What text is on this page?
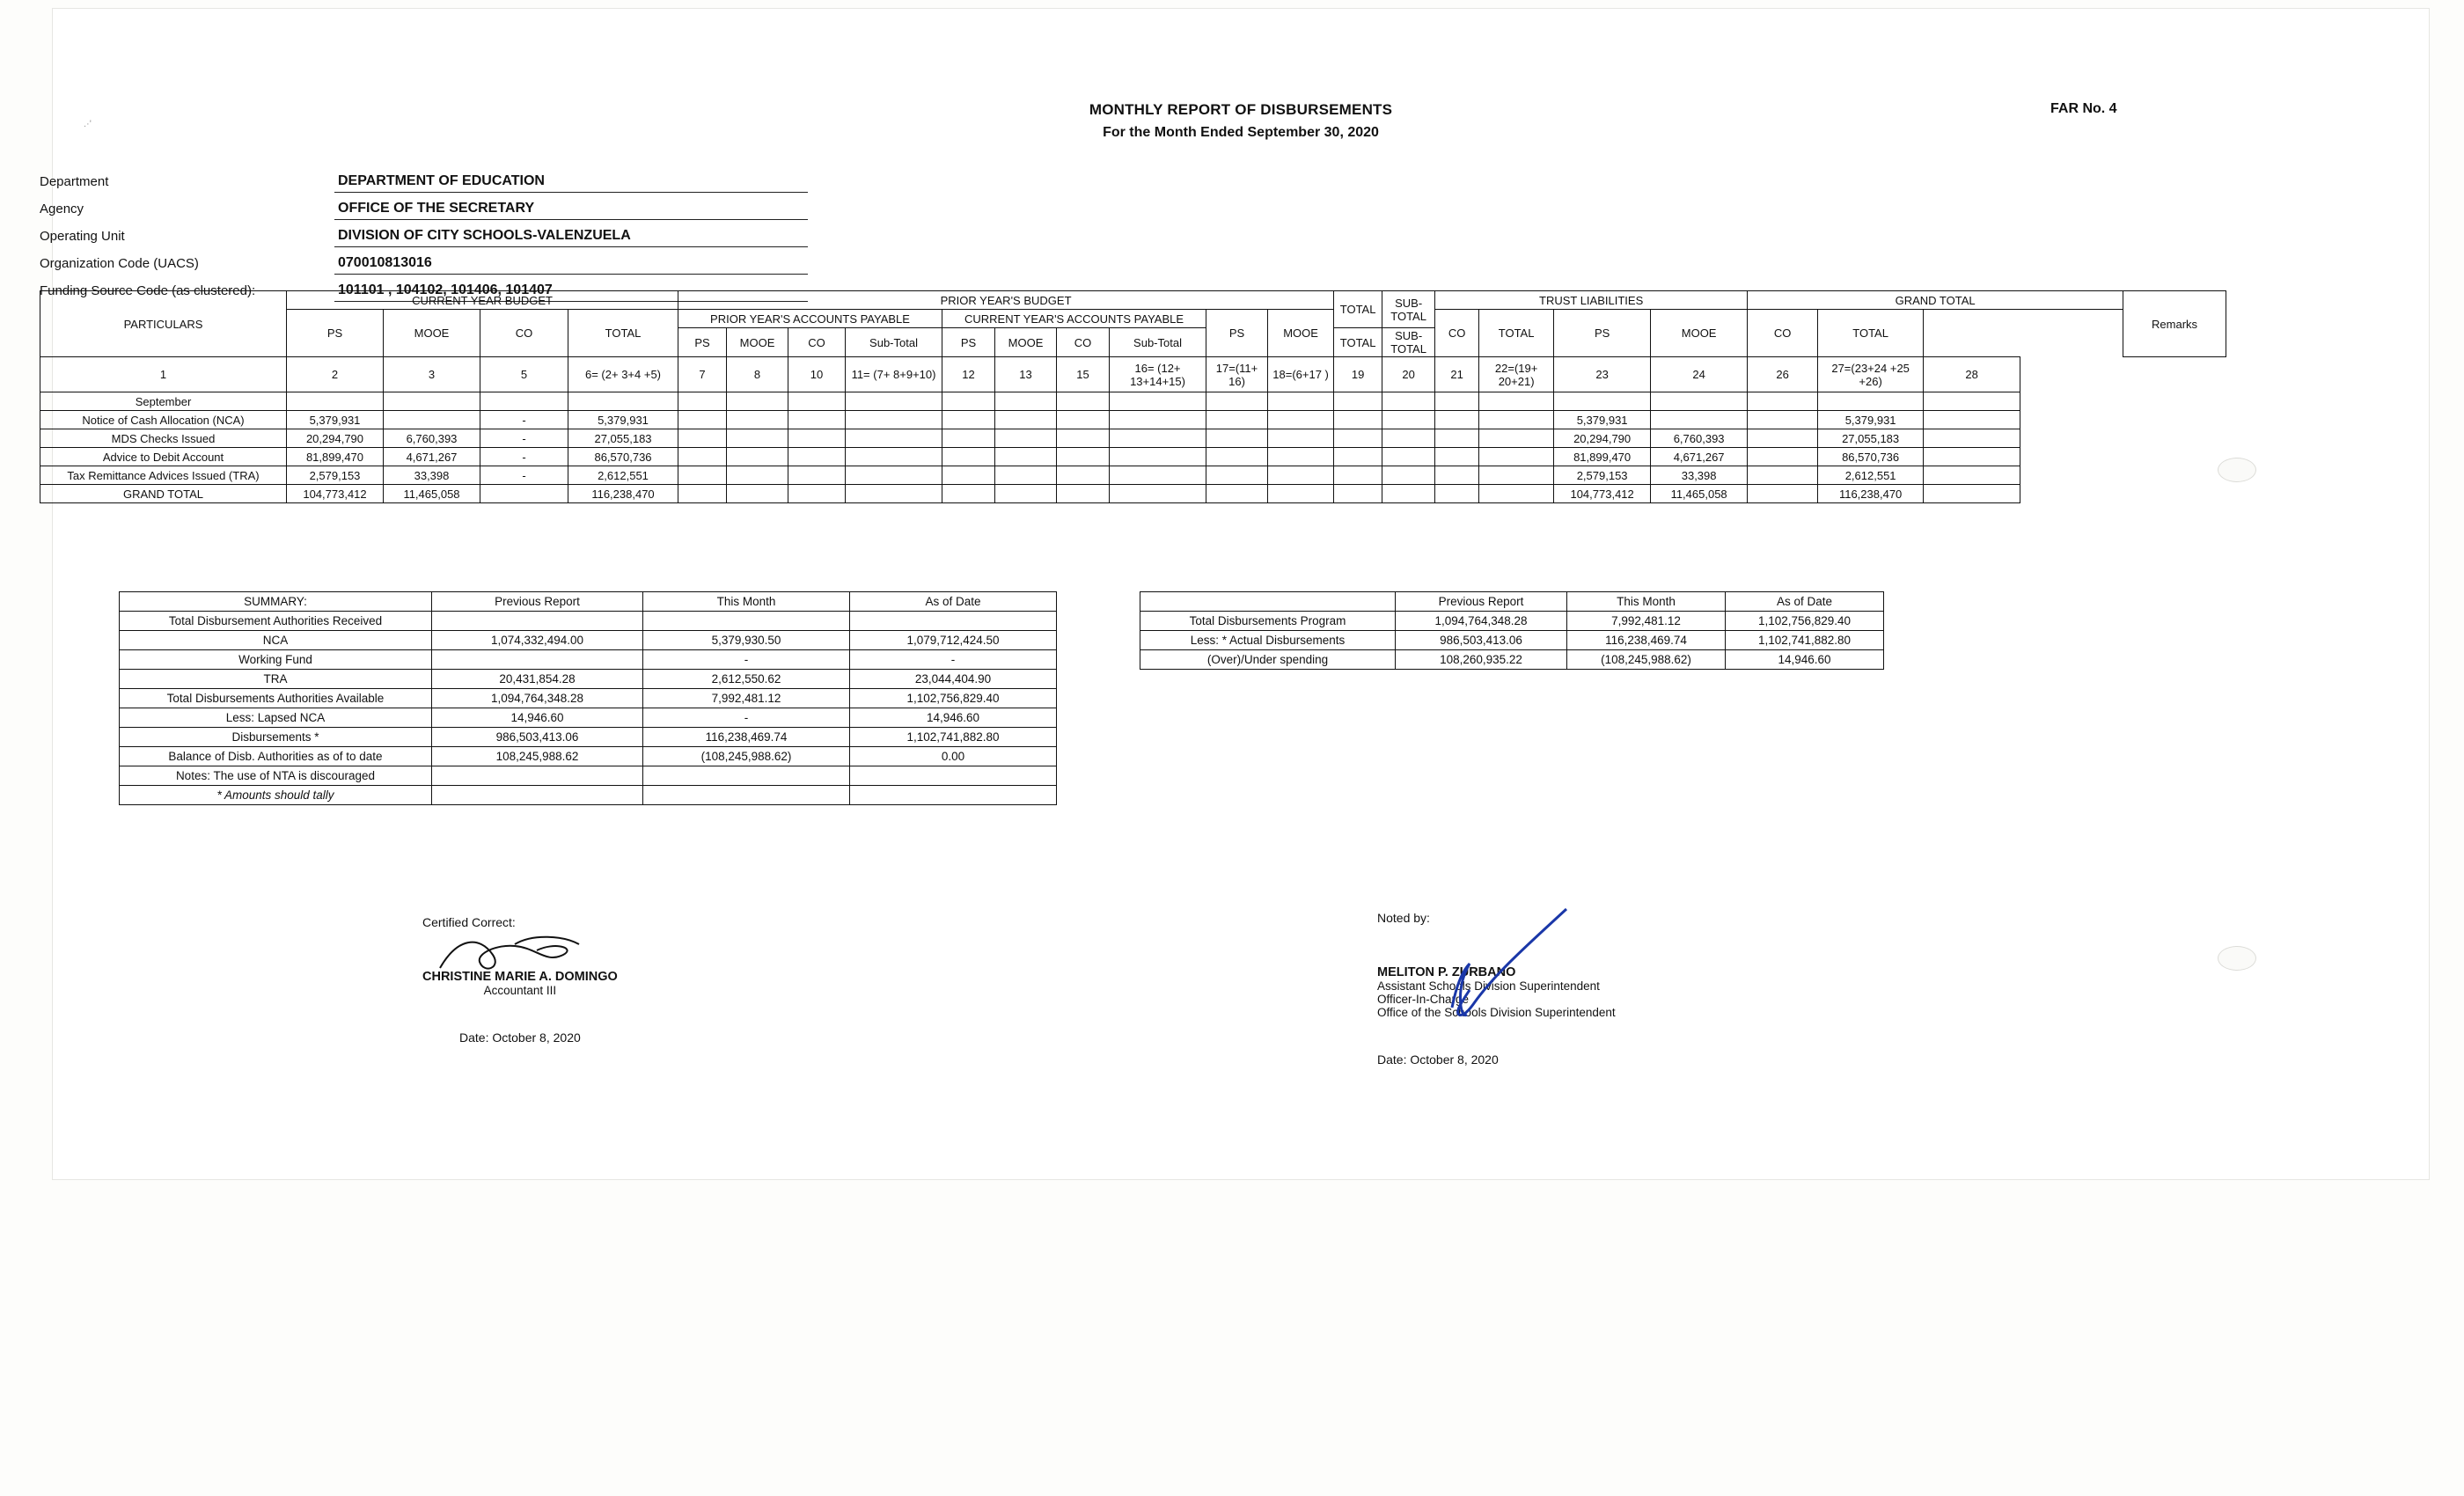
.·'
MONTHLY REPORT OF DISBURSEMENTS
For the Month Ended September 30, 2020
FAR No. 4
Department	DEPARTMENT OF EDUCATION
Agency	OFFICE OF THE SECRETARY
Operating Unit	DIVISION OF CITY SCHOOLS-VALENZUELA
Organization Code (UACS)	070010813016
Funding Source Code (as clustered):	101101 , 104102, 101406, 101407
PARTICULARS	CURRENT YEAR BUDGET				PRIOR YEAR'S BUDGET										TOTAL	SUB-TOTAL	TRUST LIABILITIES				GRAND TOTAL			Remarks
	PS	MOOE	CO	TOTAL	PRIOR YEAR'S ACCOUNTS PAYABLE				CURRENT YEAR'S ACCOUNTS PAYABLE				PS	MOOE			CO	TOTAL	PS	MOOE	CO	TOTAL		
					PS	MOOE	CO	Sub-Total	PS	MOOE	CO	Sub-Total			TOTAL	SUB-TOTAL								
1	2	3	5	6= (2+ 3+4 +5)	7	8	10	11= (7+ 8+9+10)	12	13	15	16= (12+ 13+14+15)	17=(11+ 16)	18=(6+17 )	19	20	21	22=(19+ 20+21)	23	24	26	27=(23+24 +25 +26)	28	
September																								
Notice of Cash Allocation (NCA)	5,379,931		-	5,379,931															5,379,931			5,379,931		
MDS Checks Issued	20,294,790	6,760,393	-	27,055,183															20,294,790	6,760,393		27,055,183		
Advice to Debit Account	81,899,470	4,671,267	-	86,570,736															81,899,470	4,671,267		86,570,736		
Tax Remittance Advices Issued (TRA)	2,579,153	33,398	-	2,612,551															2,579,153	33,398		2,612,551		
GRAND TOTAL	104,773,412	11,465,058		116,238,470															104,773,412	11,465,058		116,238,470		
SUMMARY:	Previous Report	This Month	As of Date
Total Disbursement Authorities Received			
NCA	1,074,332,494.00	5,379,930.50	1,079,712,424.50
Working Fund		-	-
TRA	20,431,854.28	2,612,550.62	23,044,404.90
Total Disbursements Authorities Available	1,094,764,348.28	7,992,481.12	1,102,756,829.40
Less: Lapsed NCA	14,946.60	-	14,946.60
Disbursements *	986,503,413.06	116,238,469.74	1,102,741,882.80
Balance of Disb. Authorities as of to date	108,245,988.62	(108,245,988.62)	0.00
Notes: The use of NTA is discouraged			
* Amounts should tally			
	Previous Report	This Month	As of Date
Total Disbursements Program	1,094,764,348.28	7,992,481.12	1,102,756,829.40
Less: * Actual Disbursements	986,503,413.06	116,238,469.74	1,102,741,882.80
(Over)/Under spending	108,260,935.22	(108,245,988.62)	14,946.60
Certified Correct:
CHRISTINE MARIE A. DOMINGO
Accountant III
Date: October 8, 2020
Noted by:
MELITON P. ZURBANO
Assistant Schools Division Superintendent
Officer-In-Charge
Office of the Schools Division Superintendent
Date: October 8, 2020
